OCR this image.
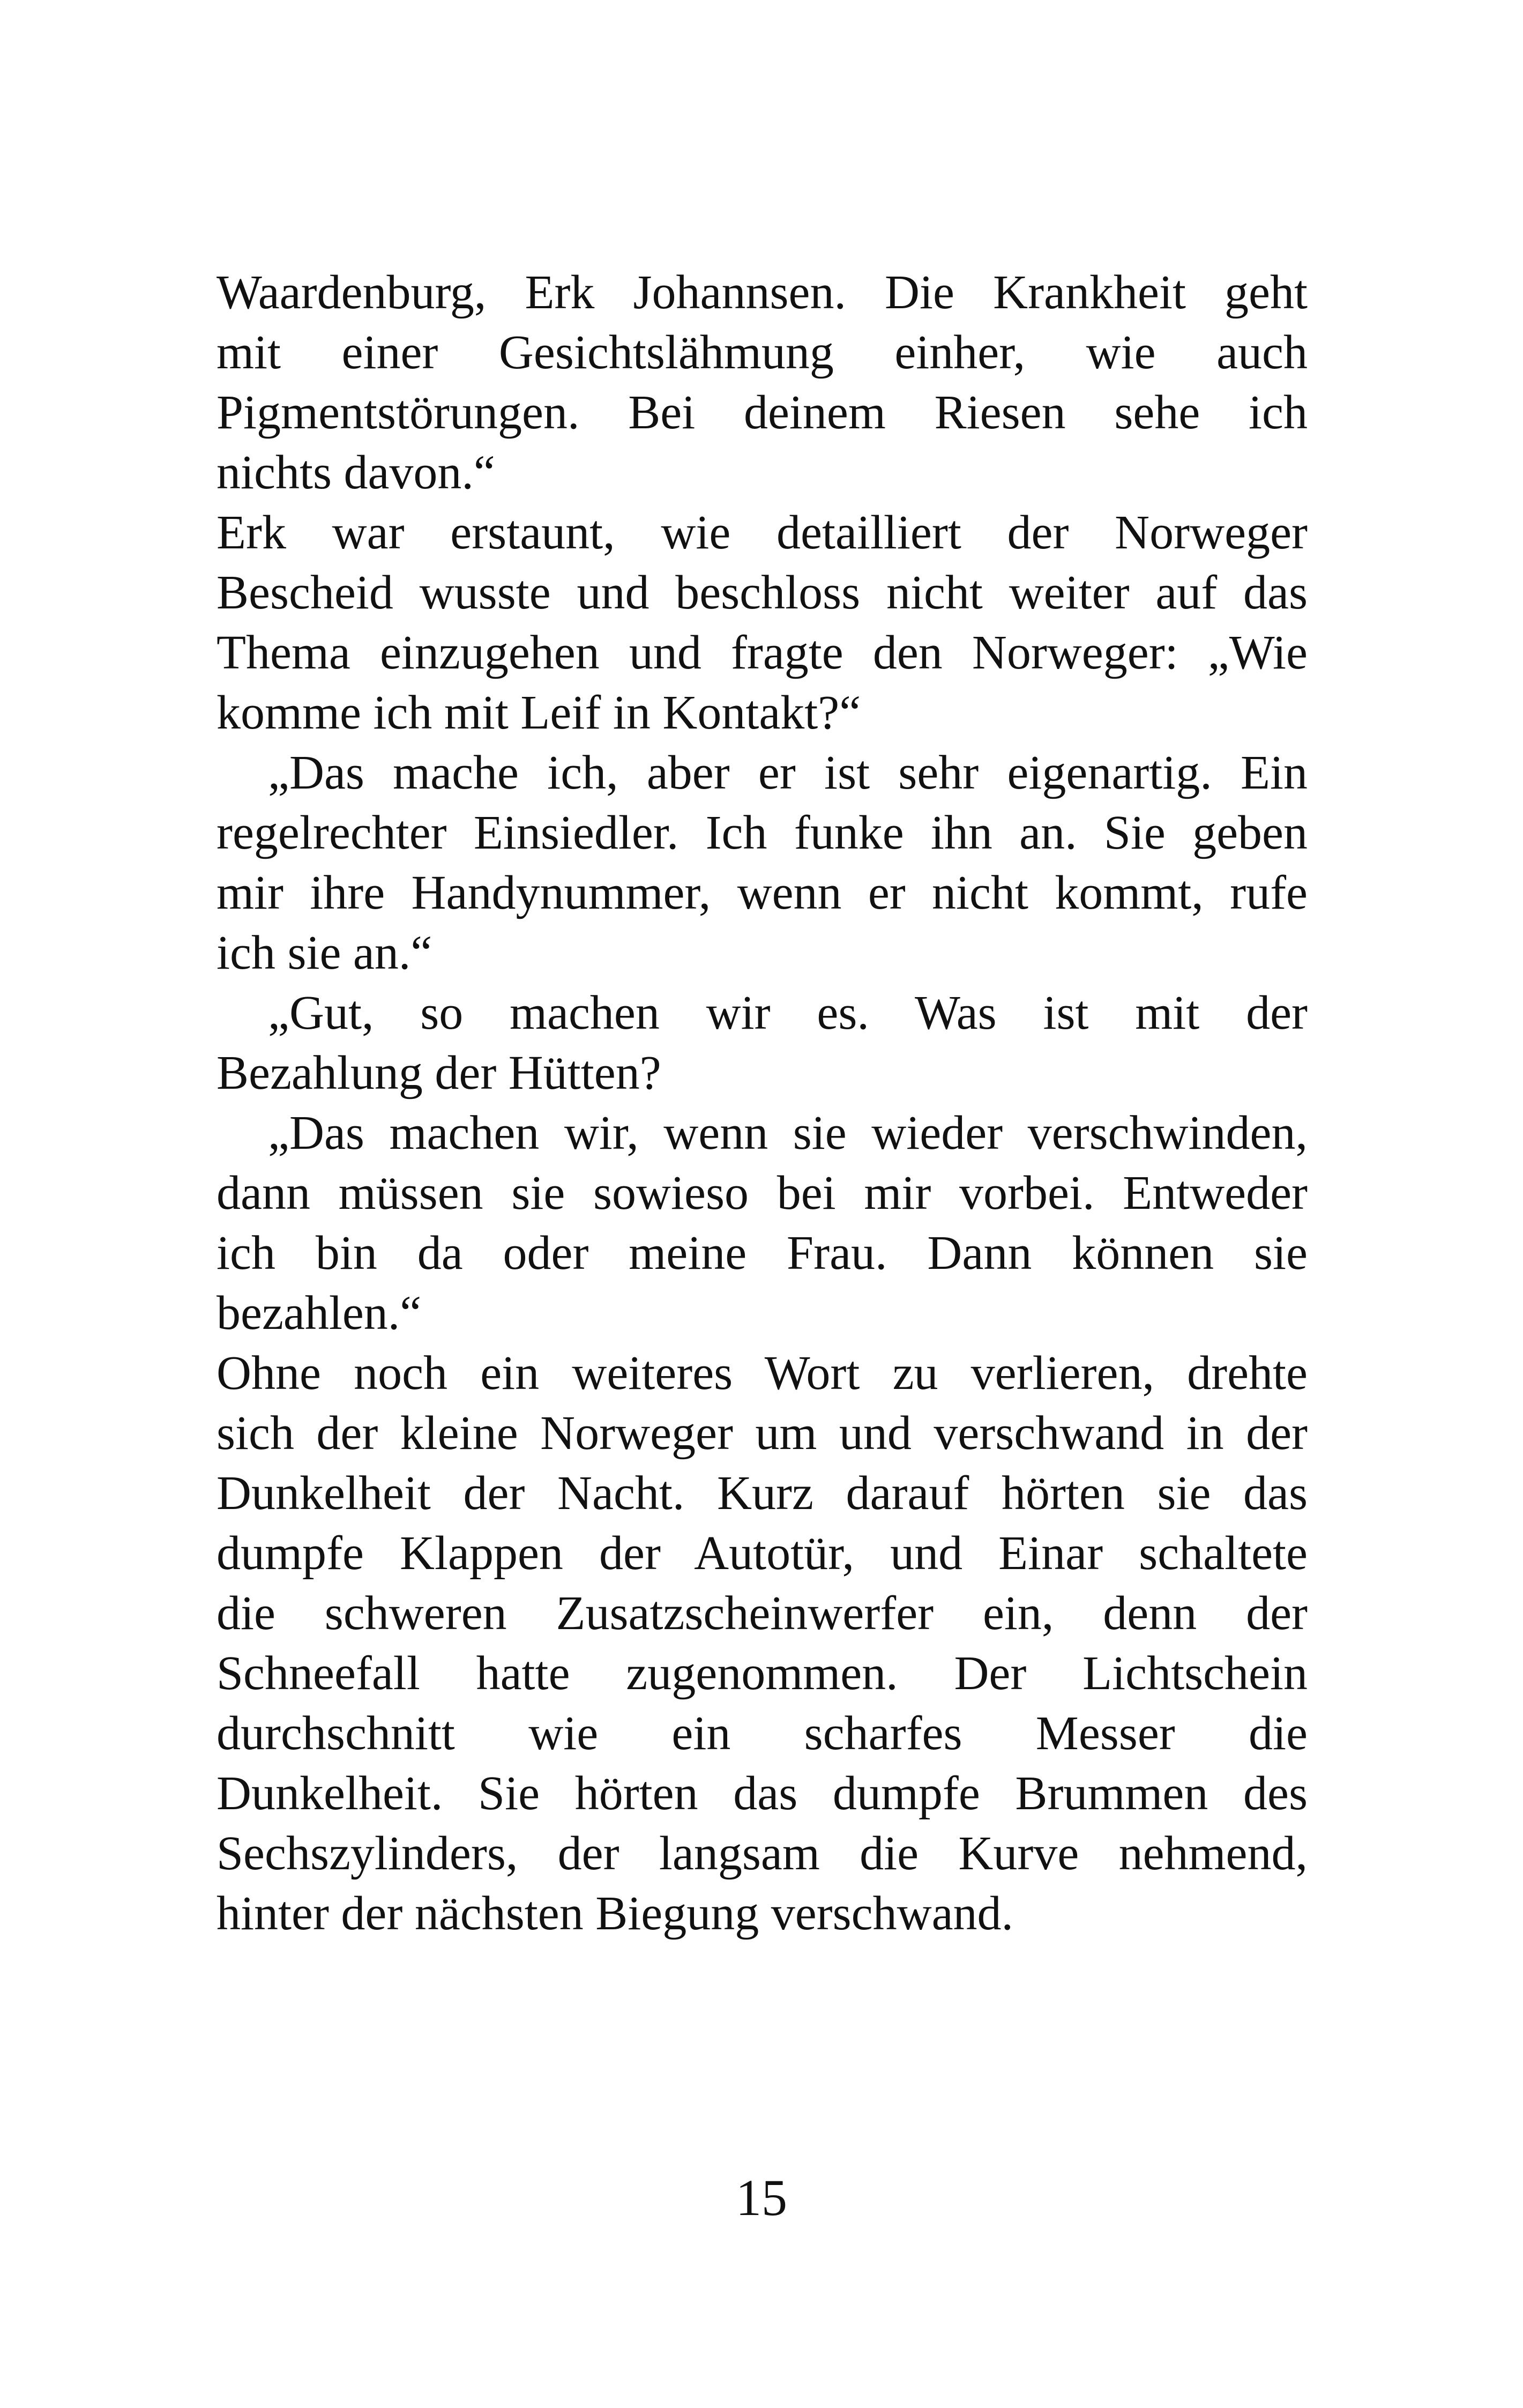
Waardenburg, Erk Johannsen. Die Krankheit geht
mit einer Gesichtslähmung einher, wie auch
Pigmentstörungen. Bei deinem Riesen sehe ich
nichts davon.“
Erk war erstaunt, wie detailliert der Norweger
Bescheid wusste und beschloss nicht weiter auf das
Thema einzugehen und fragte den Norweger: „Wie
komme ich mit Leif in Kontakt?“
„Das mache ich, aber er ist sehr eigenartig. Ein
regelrechter Einsiedler. Ich funke ihn an. Sie geben
mir ihre Handynummer, wenn er nicht kommt, rufe
ich sie an.“
„Gut, so machen wir es. Was ist mit der
Bezahlung der Hütten?
„Das machen wir, wenn sie wieder verschwinden,
dann müssen sie sowieso bei mir vorbei. Entweder
ich bin da oder meine Frau. Dann können sie
bezahlen.“
Ohne noch ein weiteres Wort zu verlieren, drehte
sich der kleine Norweger um und verschwand in der
Dunkelheit der Nacht. Kurz darauf hörten sie das
dumpfe Klappen der Autotür, und Einar schaltete
die schweren Zusatzscheinwerfer ein, denn der
Schneefall hatte zugenommen. Der Lichtschein
durchschnitt wie ein scharfes Messer die
Dunkelheit. Sie hörten das dumpfe Brummen des
Sechszylinders, der langsam die Kurve nehmend,
hinter der nächsten Biegung verschwand.
15
